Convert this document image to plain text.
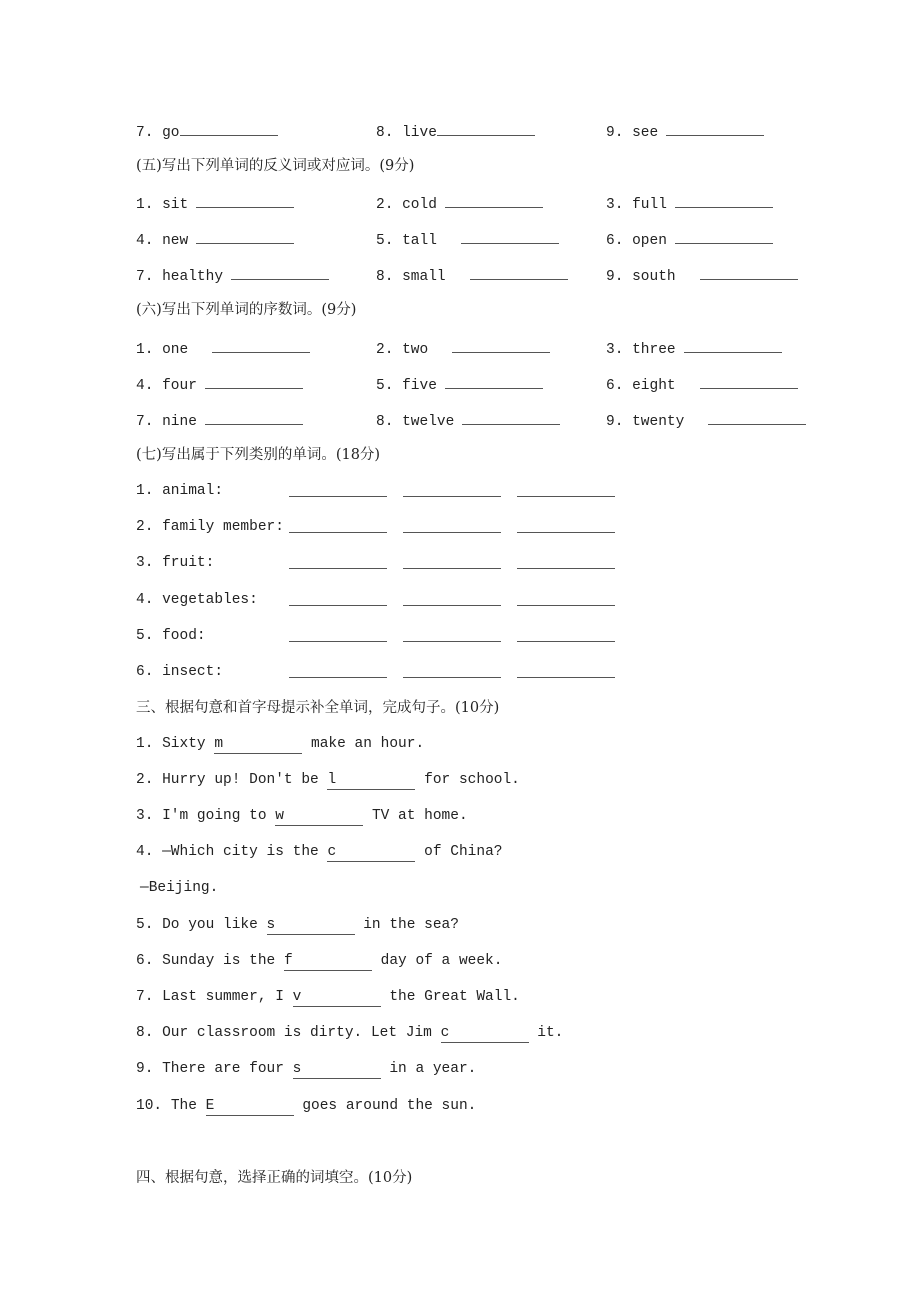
7. go	8. live	9. see
(五)写出下列单词的反义词或对应词。(9分)
1. sit	2. cold	3. full
4. new	5. tall	6. open
7. healthy	8. small	9. south
(六)写出下列单词的序数词。(9分)
1. one	2. two	3. three
4. four	5. five	6. eight
7. nine	8. twelve	9. twenty
(七)写出属于下列类别的单词。(18分)
1. animal:
2. family member:
3. fruit:
4. vegetables:
5. food:
6. insect:
三、根据句意和首字母提示补全单词，完成句子。(10分)
1. Sixty m	make an hour.
2. Hurry up! Don't be l	for school.
3. I'm going to w	TV at home.
4. —Which city is the c	of China?
—Beijing.
5. Do you like s	in the sea?
6. Sunday is the f	day of a week.
7. Last summer, I v	the Great Wall.
8. Our classroom is dirty. Let Jim c	it.
9. There are four s	in a year.
10. The E	goes around the sun.
四、根据句意，选择正确的词填空。(10分)
